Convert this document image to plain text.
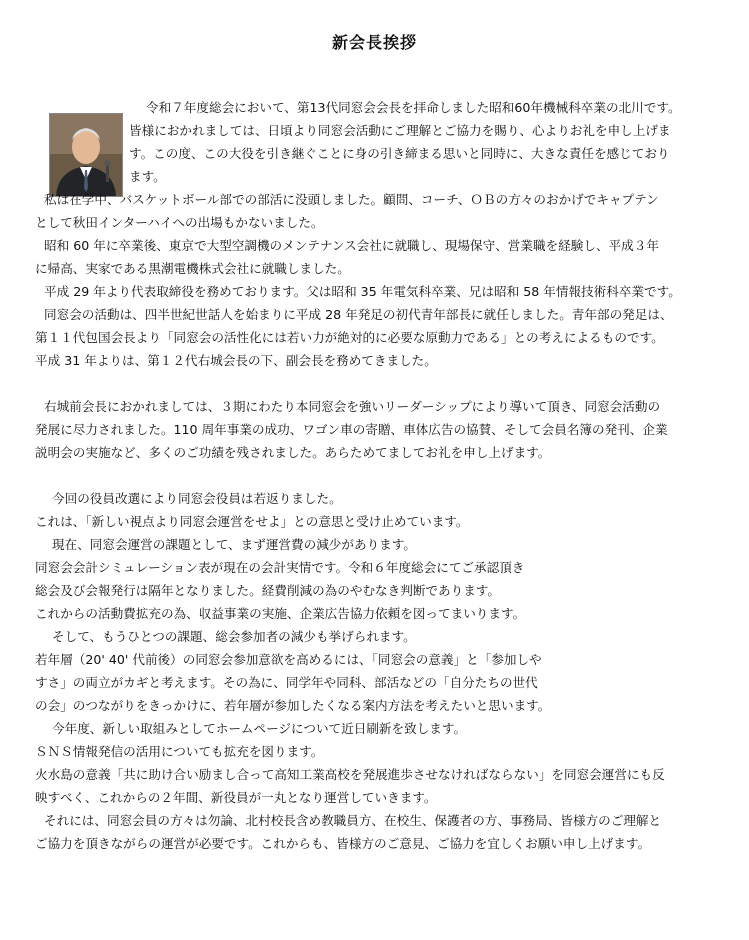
新会長挨拶
令和７年度総会において、第13代同窓会会長を拝命しました昭和60年機械科卒業の北川です。
皆様におかれましては、日頃より同窓会活動にご理解とご協力を賜り、心よりお礼を申し上げま
す。この度、この大役を引き継ぐことに身の引き締まる思いと同時に、大きな責任を感じており
ます。
私は在学中、バスケットボール部での部活に没頭しました。顧問、コーチ、ＯＢの方々のおかげでキャプテン
として秋田インターハイへの出場もかないました。
昭和 60 年に卒業後、東京で大型空調機のメンテナンス会社に就職し、現場保守、営業職を経験し、平成３年
に帰高、実家である黒潮電機株式会社に就職しました。
平成 29 年より代表取締役を務めております。父は昭和 35 年電気科卒業、兄は昭和 58 年情報技術科卒業です。
同窓会の活動は、四半世紀世話人を始まりに平成 28 年発足の初代青年部長に就任しました。青年部の発足は、
第１１代包国会長より「同窓会の活性化には若い力が絶対的に必要な原動力である」との考えによるものです。
平成 31 年よりは、第１２代右城会長の下、副会長を務めてきました。
右城前会長におかれましては、３期にわたり本同窓会を強いリーダーシップにより導いて頂き、同窓会活動の
発展に尽力されました。110 周年事業の成功、ワゴン車の寄贈、車体広告の協賛、そして会員名簿の発刊、企業
説明会の実施など、多くのご功績を残されました。あらためてましてお礼を申し上げます。
今回の役員改選により同窓会役員は若返りました。
これは、「新しい視点より同窓会運営をせよ」との意思と受け止めています。
現在、同窓会運営の課題として、まず運営費の減少があります。
同窓会会計シミュレーション表が現在の会計実情です。令和６年度総会にてご承認頂き
総会及び会報発行は隔年となりました。経費削減の為のやむなき判断であります。
これからの活動費拡充の為、収益事業の実施、企業広告協力依頼を図ってまいります。
そして、もうひとつの課題、総会参加者の減少も挙げられます。
若年層（20' 40' 代前後）の同窓会参加意欲を高めるには、「同窓会の意義」と「参加しや
すさ」の両立がカギと考えます。その為に、同学年や同科、部活などの「自分たちの世代
の会」のつながりをきっかけに、若年層が参加したくなる案内方法を考えたいと思います。
今年度、新しい取組みとしてホームページについて近日刷新を致します。
ＳＮＳ情報発信の活用についても拡充を図ります。
火水島の意義「共に助け合い励まし合って高知工業高校を発展進歩させなければならない」を同窓会運営にも反
映すべく、これからの２年間、新役員が一丸となり運営していきます。
それには、同窓会員の方々は勿論、北村校長含め教職員方、在校生、保護者の方、事務局、皆様方のご理解と
ご協力を頂きながらの運営が必要です。これからも、皆様方のご意見、ご協力を宜しくお願い申し上げます。
